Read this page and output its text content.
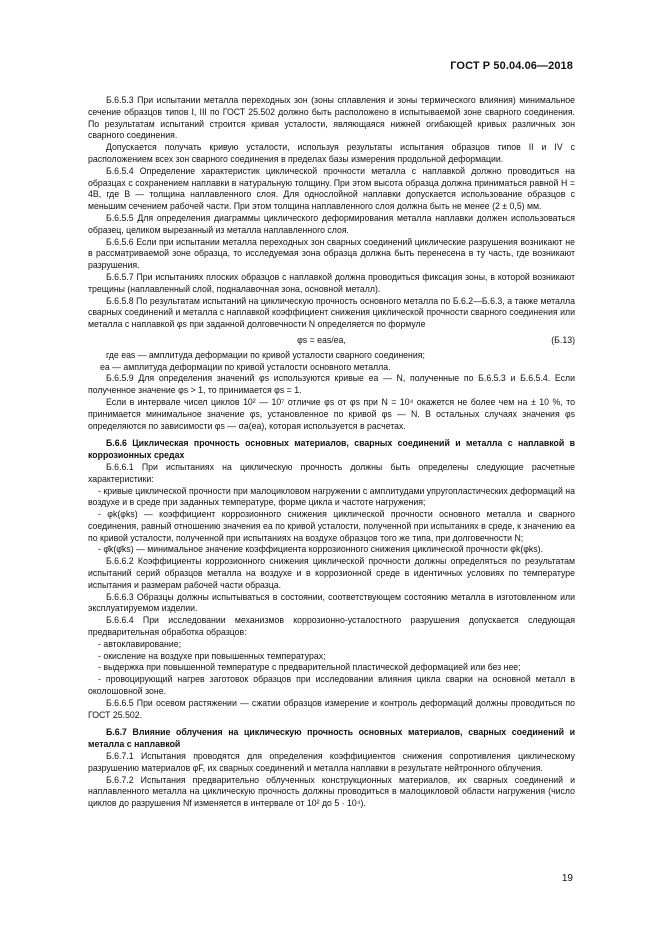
ГОСТ Р 50.04.06—2018

Б.6.5.3 При испытании металла переходных зон (зоны сплавления и зоны термического влияния) минимальное сечение образцов типов I, III по ГОСТ 25.502 должно быть расположено в испытываемой зоне сварного соединения. По результатам испытаний строится кривая усталости, являющаяся нижней огибающей кривых различных зон сварного соединения.

Допускается получать кривую усталости, используя результаты испытания образцов типов II и IV с расположением всех зон сварного соединения в пределах базы измерения продольной деформации.

Б.6.5.4 Определение характеристик циклической прочности металла с наплавкой должно проводиться на образцах с сохранением наплавки в натуральную толщину. При этом высота образца должна приниматься равной H = 4B, где B — толщина наплавленного слоя. Для однослойной наплавки допускается использование образцов с меньшим сечением рабочей части. При этом толщина наплавленного слоя должна быть не менее (2 ± 0,5) мм.

Б.6.5.5 Для определения диаграммы циклического деформирования металла наплавки должен использоваться образец, целиком вырезанный из металла наплавленного слоя.

Б.6.5.6 Если при испытании металла переходных зон сварных соединений циклические разрушения возникают не в рассматриваемой зоне образца, то исследуемая зона образца должна быть перенесена в ту часть, где возникают разрушения.

Б.6.5.7 При испытаниях плоских образцов с наплавкой должна проводиться фиксация зоны, в которой возникают трещины (наплавленный слой, подналавочная зона, основной металл).

Б.6.5.8 По результатам испытаний на циклическую прочность основного металла по Б.6.2—Б.6.3, а также металла сварных соединений и металла с наплавкой коэффициент снижения циклической прочности сварного соединения или металла с наплавкой φs при заданной долговечности N определяется по формуле

φs = eas/ea,	(Б.13)

где eas — амплитуда деформации по кривой усталости сварного соединения;

ea — амплитуда деформации по кривой усталости основного металла.

Б.6.5.9 Для определения значений φs используются кривые ea — N, полученные по Б.6.5.3 и Б.6.5.4. Если полученное значение φs > 1, то принимается φs = 1.

Если в интервале чисел циклов 10² — 10⁷ отличие φs от φs при N = 10⁴ окажется не более чем на ± 10 %, то принимается минимальное значение φs, установленное по кривой φs — N. В остальных случаях значения φs определяются по зависимости φs — σa(ea), которая используется в расчетах.

Б.6.6 Циклическая прочность основных материалов, сварных соединений и металла с наплавкой в коррозионных средах

Б.6.6.1 При испытаниях на циклическую прочность должны быть определены следующие расчетные характеристики:

- кривые циклической прочности при малоцикловом нагружении с амплитудами упругопластических деформаций на воздухе и в среде при заданных температуре, форме цикла и частоте нагружения;

- φk(φks) — коэффициент коррозионного снижения циклической прочности основного металла и сварного соединения, равный отношению значения ea по кривой усталости, полученной при испытаниях в среде, к значению ea по кривой усталости, полученной при испытаниях на воздухе образцов того же типа, при долговечности N;

- φ̄k(φ̄ks) — минимальное значение коэффициента коррозионного снижения циклической прочности φk(φks).

Б.6.6.2 Коэффициенты коррозионного снижения циклической прочности должны определяться по результатам испытаний серий образцов металла на воздухе и в коррозионной среде в идентичных условиях по температуре испытания и размерам рабочей части образца.

Б.6.6.3 Образцы должны испытываться в состоянии, соответствующем состоянию металла в изготовленном или эксплуатируемом изделии.

Б.6.6.4 При исследовании механизмов коррозионно-усталостного разрушения допускается следующая предварительная обработка образцов:

- автоклавирование;

- окисление на воздухе при повышенных температурах;

- выдержка при повышенной температуре с предварительной пластической деформацией или без нее;

- провоцирующий нагрев заготовок образцов при исследовании влияния цикла сварки на основной металл в околошовной зоне.

Б.6.6.5 При осевом растяжении — сжатии образцов измерение и контроль деформаций должны проводиться по ГОСТ 25.502.

Б.6.7 Влияние облучения на циклическую прочность основных материалов, сварных соединений и металла с наплавкой

Б.6.7.1 Испытания проводятся для определения коэффициентов снижения сопротивления циклическому разрушению материалов φF, их сварных соединений и металла наплавки в результате нейтронного облучения.

Б.6.7.2 Испытания предварительно облученных конструкционных материалов, их сварных соединений и наплавленного металла на циклическую прочность должны проводиться в малоцикловой области нагружения (число циклов до разрушения Nf изменяется в интервале от 10² до 5 · 10⁴).

19
